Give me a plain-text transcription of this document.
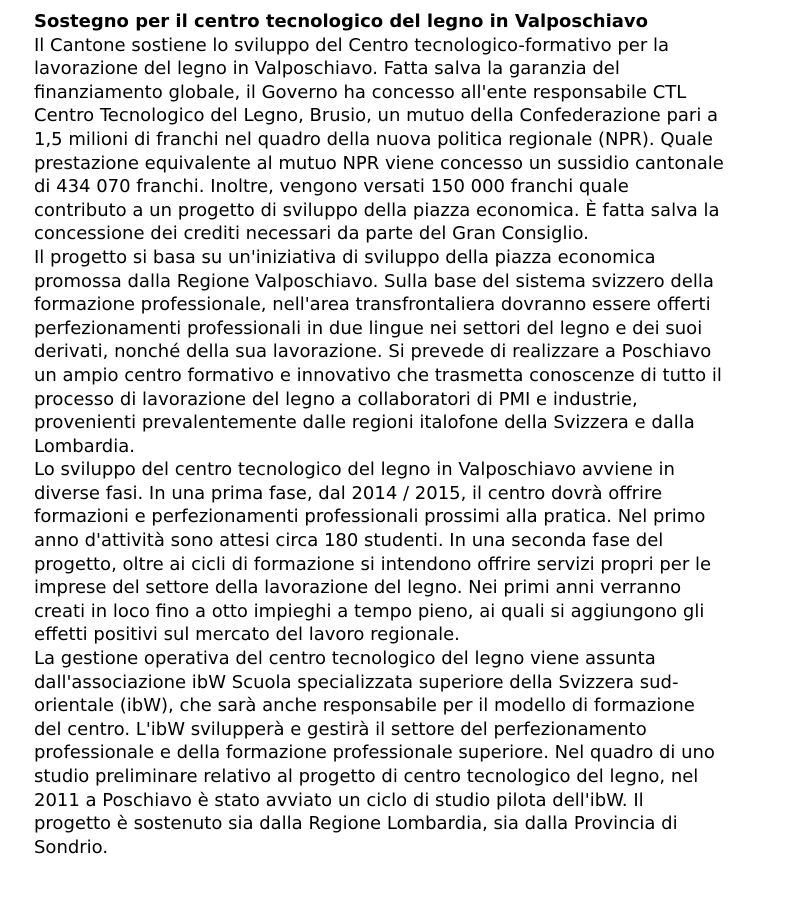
Sostegno per il centro tecnologico del legno in Valposchiavo

Il Cantone sostiene lo sviluppo del Centro tecnologico-formativo per la
lavorazione del legno in Valposchiavo. Fatta salva la garanzia del
finanziamento globale, il Governo ha concesso all'ente responsabile CTL
Centro Tecnologico del Legno, Brusio, un mutuo della Confederazione pari a
1,5 milioni di franchi nel quadro della nuova politica regionale (NPR). Quale
prestazione equivalente al mutuo NPR viene concesso un sussidio cantonale
di 434 070 franchi. Inoltre, vengono versati 150 000 franchi quale
contributo a un progetto di sviluppo della piazza economica. È fatta salva la
concessione dei crediti necessari da parte del Gran Consiglio.

Il progetto si basa su un'iniziativa di sviluppo della piazza economica
promossa dalla Regione Valposchiavo. Sulla base del sistema svizzero della
formazione professionale, nell'area transfrontaliera dovranno essere offerti
perfezionamenti professionali in due lingue nei settori del legno e dei suoi
derivati, nonché della sua lavorazione. Si prevede di realizzare a Poschiavo
un ampio centro formativo e innovativo che trasmetta conoscenze di tutto il
processo di lavorazione del legno a collaboratori di PMI e industrie,
provenienti prevalentemente dalle regioni italofone della Svizzera e dalla
Lombardia.

Lo sviluppo del centro tecnologico del legno in Valposchiavo avviene in
diverse fasi. In una prima fase, dal 2014 / 2015, il centro dovrà offrire
formazioni e perfezionamenti professionali prossimi alla pratica. Nel primo
anno d'attività sono attesi circa 180 studenti. In una seconda fase del
progetto, oltre ai cicli di formazione si intendono offrire servizi propri per le
imprese del settore della lavorazione del legno. Nei primi anni verranno
creati in loco fino a otto impieghi a tempo pieno, ai quali si aggiungono gli
effetti positivi sul mercato del lavoro regionale.

La gestione operativa del centro tecnologico del legno viene assunta
dall'associazione ibW Scuola specializzata superiore della Svizzera sud-
orientale (ibW), che sarà anche responsabile per il modello di formazione
del centro. L'ibW svilupperà e gestirà il settore del perfezionamento
professionale e della formazione professionale superiore. Nel quadro di uno
studio preliminare relativo al progetto di centro tecnologico del legno, nel
2011 a Poschiavo è stato avviato un ciclo di studio pilota dell'ibW. Il
progetto è sostenuto sia dalla Regione Lombardia, sia dalla Provincia di
Sondrio.
